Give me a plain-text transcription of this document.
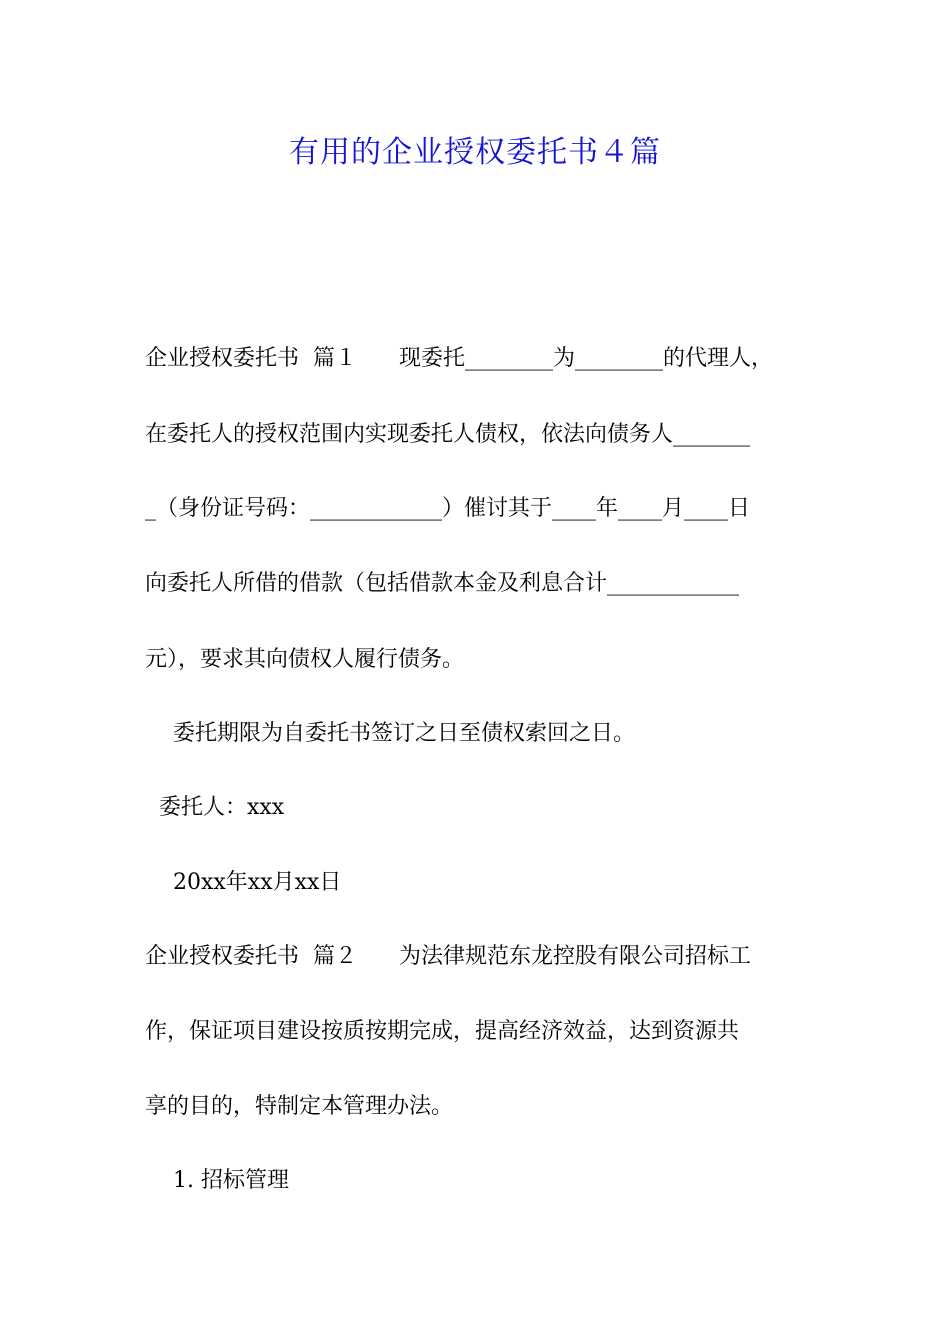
有用的企业授权委托书４篇
企业授权委托书  篇１      现委托________为________的代理人，
在委托人的授权范围内实现委托人债权，依法向债务人_______
_（身份证号码：____________）催讨其于____年____月____日
向委托人所借的借款（包括借款本金及利息合计____________
元），要求其向债权人履行债务。
委托期限为自委托书签订之日至债权索回之日。
委托人：xxx
20xx年xx月xx日
企业授权委托书  篇２      为法律规范东龙控股有限公司招标工
作，保证项目建设按质按期完成，提高经济效益，达到资源共
享的目的，特制定本管理办法。
1. 招标管理
